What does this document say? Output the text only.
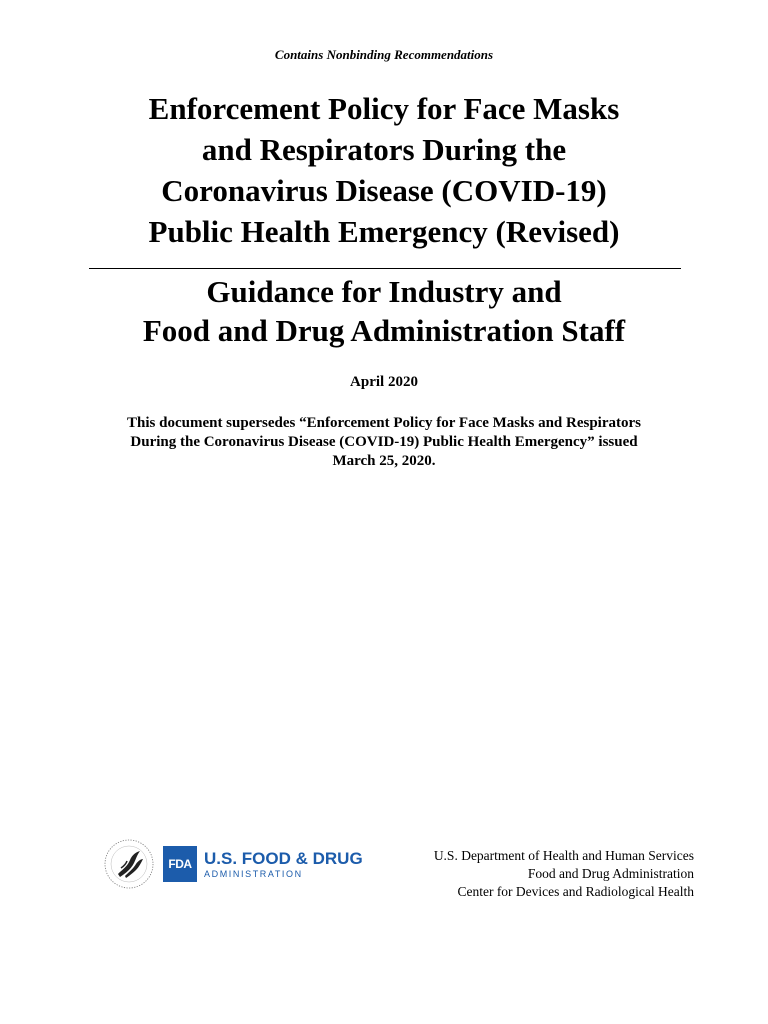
Contains Nonbinding Recommendations
Enforcement Policy for Face Masks
and Respirators During the
Coronavirus Disease (COVID-19)
Public Health Emergency (Revised)
Guidance for Industry and
Food and Drug Administration Staff
April 2020
This document supersedes “Enforcement Policy for Face Masks and Respirators
During the Coronavirus Disease (COVID-19) Public Health Emergency” issued
March 25, 2020.
FDA U.S. FOOD & DRUG
ADMINISTRATION
U.S. Department of Health and Human Services
Food and Drug Administration
Center for Devices and Radiological Health
